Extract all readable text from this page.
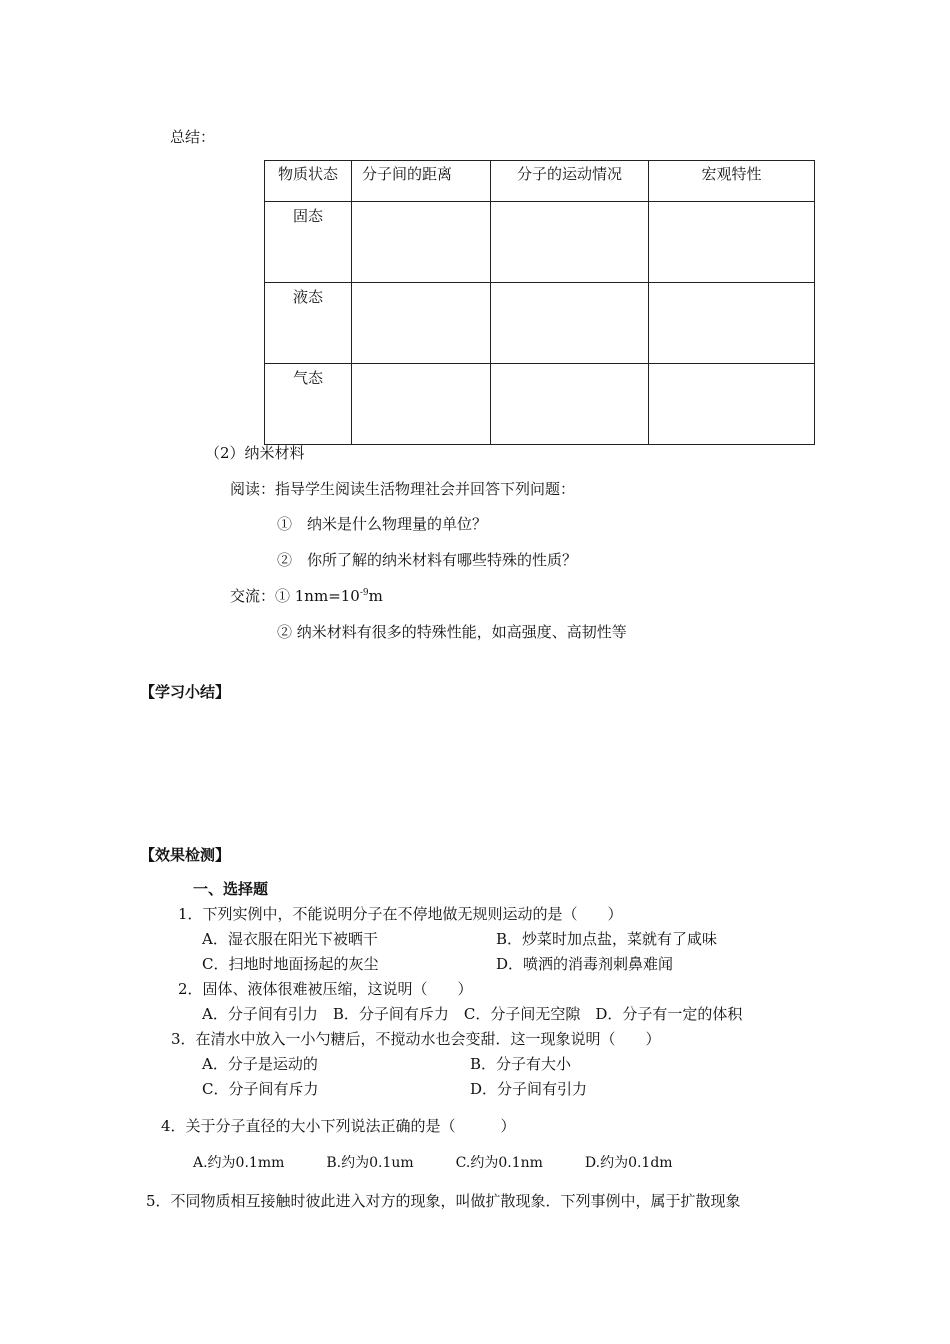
总结：
物质状态	分子间的距离	分子的运动情况	宏观特性
固态			
液态			
气态			
（2）纳米材料
阅读：指导学生阅读生活物理社会并回答下列问题：
①　纳米是什么物理量的单位？
②　你所了解的纳米材料有哪些特殊的性质？
交流：① $1nm=10^{-9}m$
② 纳米材料有很多的特殊性能，如高强度、高韧性等
【学习小结】
【效果检测】
一、选择题
1．下列实例中，不能说明分子在不停地做无规则运动的是（　　）
A．湿衣服在阳光下被晒干	B．炒菜时加点盐，菜就有了咸味
C．扫地时地面扬起的灰尘	D．喷洒的消毒剂刺鼻难闻
2．固体、液体很难被压缩，这说明（　　）
A．分子间有引力　B．分子间有斥力　C．分子间无空隙　D．分子有一定的体积
3．在清水中放入一小勺糖后，不搅动水也会变甜．这一现象说明（　　）
A．分子是运动的	B．分子有大小
C．分子间有斥力	D．分子间有引力
4．关于分子直径的大小下列说法正确的是（　　　）
A.约为0.1mm　　　B.约为0.1um　　　C.约为0.1nm　　　D.约为0.1dm
5．不同物质相互接触时彼此进入对方的现象，叫做扩散现象．下列事例中，属于扩散现象
